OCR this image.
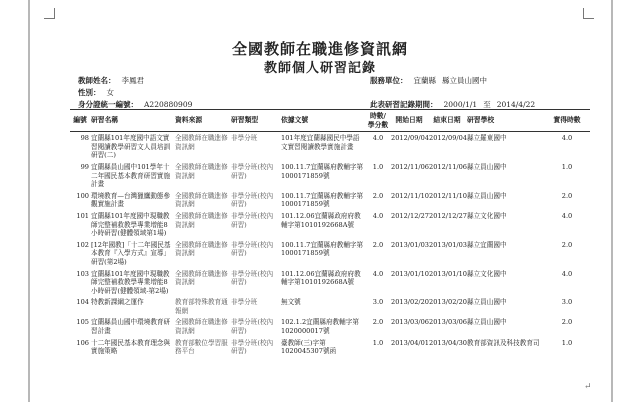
全國教師在職進修資訊網
教師個人研習記錄
教師姓名： 李鳳君
性別： 女
身分證統一編號： A220880909
服務單位： 宜蘭縣 縣立員山國中
此表研習記錄期間： 2000/1/1 至 2014/4/22
編號	研習名稱	資料來源	研習類型	依據文號	時數/學分數	開始日期	結束日期	研習學校	實得時數
98	宜蘭縣101年度國中語文實習閱讀教學研習文人員培訓研習(二)	全國教師在職進修資訊網	非學分班	101年度宜蘭縣國民中學語文實習閱讀教學實施計畫	4.0	2012/09/04	2012/09/04	縣立羅東國中	4.0
99	宜蘭縣員山國中101學年十二年國民基本教育研習實施計畫	全國教師在職進修資訊網	非學分班(校內研習)	100.11.7宜蘭縣府教輔字第1000171859號	1.0	2012/11/06	2012/11/06	縣立員山國中	1.0
100	環境教育—台灣獵鷹動態參觀實施計畫	全國教師在職進修資訊網	非學分班(校內研習)	100.11.7宜蘭縣府教輔字第1000171859號	2.0	2012/11/10	2012/11/10	縣立員山國中	2.0
101	宜蘭縣101年度國中現職教師完整補救教學專業增能8小時研習(健體領域第1場)	全國教師在職進修資訊網	非學分班(校內研習)	101.12.06宜蘭縣政府府教輔字第1010192668A號	4.0	2012/12/27	2012/12/27	縣立文化國中	4.0
102	[12年國教]「十二年國民基本教育『入學方式』宣導」研習(第2場)	全國教師在職進修資訊網	非學分班(校內研習)	100.11.7宜蘭縣府教輔字第1000171859號	2.0	2013/01/03	2013/01/03	縣立宜蘭國中	2.0
103	宜蘭縣101年度國中現職教師完整補救教學專業增能8小時研習(健體領域-第2場)	全國教師在職進修資訊網	非學分班(校內研習)	101.12.06宜蘭縣政府府教輔字第1010192668A號	4.0	2013/01/10	2013/01/10	縣立文化國中	4.0
104	特教新課綱之運作	教育部特殊教育通報網	非學分班	無文號	3.0	2013/02/20	2013/02/20	縣立員山國中	3.0
105	宜蘭縣員山國中環境教育研習計畫	全國教師在職進修資訊網	非學分班(校內研習)	102.1.2宜蘭縣府教輔字第1020000017號	2.0	2013/03/06	2013/03/06	縣立員山國中	2.0
106	十二年國民基本教育理念與實施策略	教育部數位學習服務平台	非學分班(校內研習)	臺教師(三)字第1020045307號函	1.0	2013/04/01	2013/04/30	教育部資訊及科技教育司	1.0
↵
